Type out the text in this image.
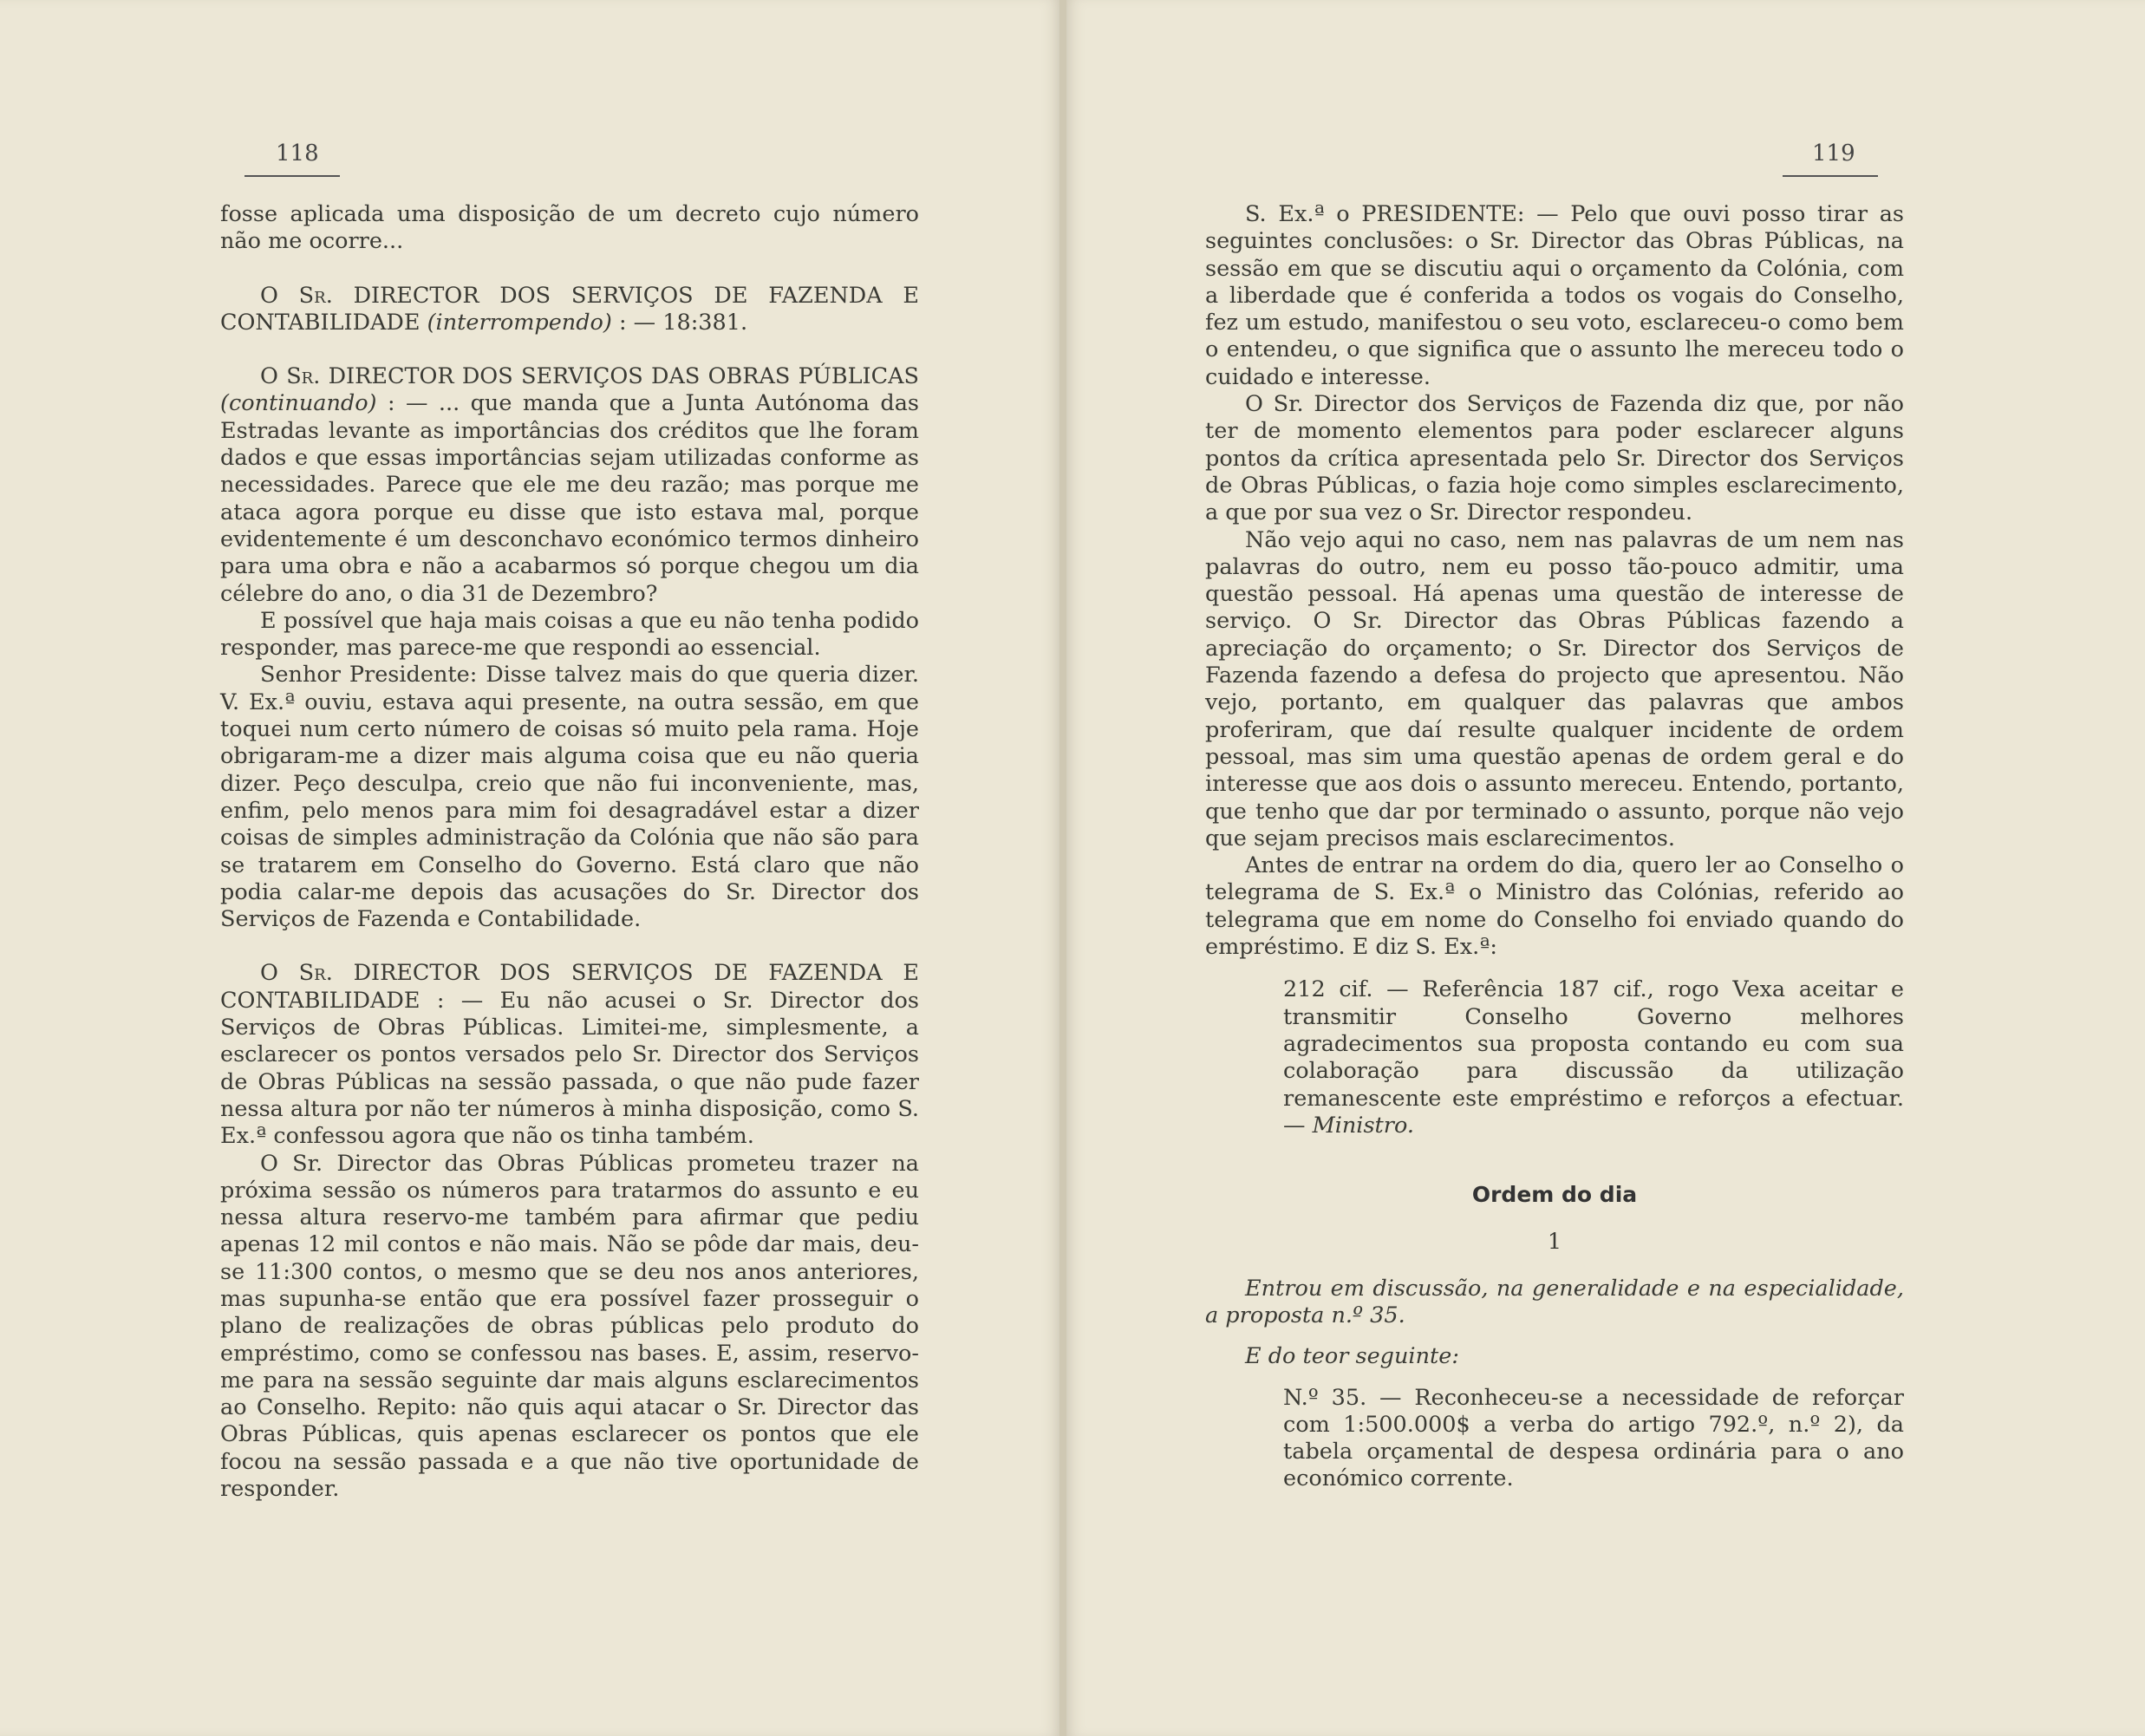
118

fosse aplicada uma disposição de um decreto cujo número não me ocorre...

O Sr. DIRECTOR DOS SERVIÇOS DE FAZENDA E CONTABILIDADE (interrompendo) : — 18:381.

O Sr. DIRECTOR DOS SERVIÇOS DAS OBRAS PÚBLICAS (continuando) : — ... que manda que a Junta Autónoma das Estradas levante as importâncias dos créditos que lhe foram dados e que essas importâncias sejam utilizadas conforme as necessidades. Parece que ele me deu razão; mas porque me ataca agora porque eu disse que isto estava mal, porque evidentemente é um desconchavo económico termos dinheiro para uma obra e não a acabarmos só porque chegou um dia célebre do ano, o dia 31 de Dezembro?

E possível que haja mais coisas a que eu não tenha podido responder, mas parece-me que respondi ao essencial.

Senhor Presidente: Disse talvez mais do que queria dizer. V. Ex.ª ouviu, estava aqui presente, na outra sessão, em que toquei num certo número de coisas só muito pela rama. Hoje obrigaram-me a dizer mais alguma coisa que eu não queria dizer. Peço desculpa, creio que não fui inconveniente, mas, enfim, pelo menos para mim foi desagradável estar a dizer coisas de simples administração da Colónia que não são para se tratarem em Conselho do Governo. Está claro que não podia calar-me depois das acusações do Sr. Director dos Serviços de Fazenda e Contabilidade.

O Sr. DIRECTOR DOS SERVIÇOS DE FAZENDA E CONTABILIDADE : — Eu não acusei o Sr. Director dos Serviços de Obras Públicas. Limitei-me, simplesmente, a esclarecer os pontos versados pelo Sr. Director dos Serviços de Obras Públicas na sessão passada, o que não pude fazer nessa altura por não ter números à minha disposição, como S. Ex.ª confessou agora que não os tinha também.

O Sr. Director das Obras Públicas prometeu trazer na próxima sessão os números para tratarmos do assunto e eu nessa altura reservo-me também para afirmar que pediu apenas 12 mil contos e não mais. Não se pôde dar mais, deu-se 11:300 contos, o mesmo que se deu nos anos anteriores, mas supunha-se então que era possível fazer prosseguir o plano de realizações de obras públicas pelo produto do empréstimo, como se confessou nas bases. E, assim, reservo-me para na sessão seguinte dar mais alguns esclarecimentos ao Conselho. Repito: não quis aqui atacar o Sr. Director das Obras Públicas, quis apenas esclarecer os pontos que ele focou na sessão passada e a que não tive oportunidade de responder.

119

S. Ex.ª o PRESIDENTE: — Pelo que ouvi posso tirar as seguintes conclusões: o Sr. Director das Obras Públicas, na sessão em que se discutiu aqui o orçamento da Colónia, com a liberdade que é conferida a todos os vogais do Conselho, fez um estudo, manifestou o seu voto, esclareceu-o como bem o entendeu, o que significa que o assunto lhe mereceu todo o cuidado e interesse.

O Sr. Director dos Serviços de Fazenda diz que, por não ter de momento elementos para poder esclarecer alguns pontos da crítica apresentada pelo Sr. Director dos Serviços de Obras Públicas, o fazia hoje como simples esclarecimento, a que por sua vez o Sr. Director respondeu.

Não vejo aqui no caso, nem nas palavras de um nem nas palavras do outro, nem eu posso tão-pouco admitir, uma questão pessoal. Há apenas uma questão de interesse de serviço. O Sr. Director das Obras Públicas fazendo a apreciação do orçamento; o Sr. Director dos Serviços de Fazenda fazendo a defesa do projecto que apresentou. Não vejo, portanto, em qualquer das palavras que ambos proferiram, que daí resulte qualquer incidente de ordem pessoal, mas sim uma questão apenas de ordem geral e do interesse que aos dois o assunto mereceu. Entendo, portanto, que tenho que dar por terminado o assunto, porque não vejo que sejam precisos mais esclarecimentos.

Antes de entrar na ordem do dia, quero ler ao Conselho o telegrama de S. Ex.ª o Ministro das Colónias, referido ao telegrama que em nome do Conselho foi enviado quando do empréstimo. E diz S. Ex.ª:

212 cif. — Referência 187 cif., rogo Vexa aceitar e transmitir Conselho Governo melhores agradecimentos sua proposta contando eu com sua colaboração para discussão da utilização remanescente este empréstimo e reforços a efectuar. — Ministro.

Ordem do dia

1

Entrou em discussão, na generalidade e na especialidade, a proposta n.º 35.

E do teor seguinte:

N.º 35. — Reconheceu-se a necessidade de reforçar com 1:500.000$ a verba do artigo 792.º, n.º 2), da tabela orçamental de despesa ordinária para o ano económico corrente.
